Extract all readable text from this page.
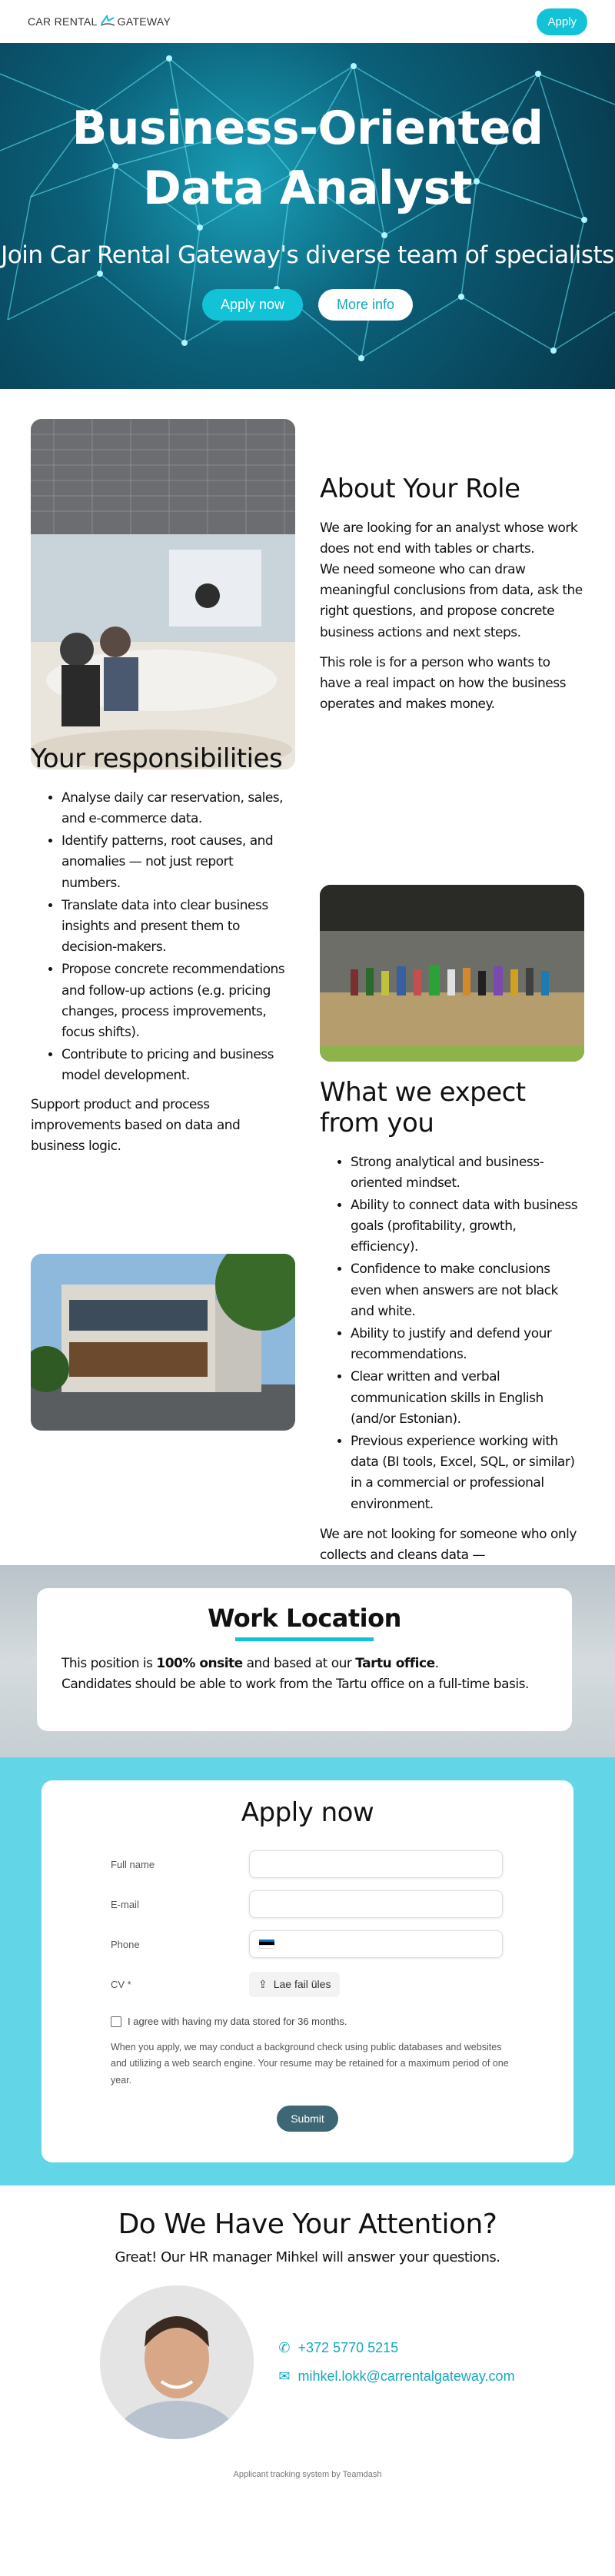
CAR RENTAL GATEWAY	Apply
Business-Oriented Data Analyst
Join Car Rental Gateway's diverse team of specialists
Apply now	More info
About Your Role

We are looking for an analyst whose work does not end with tables or charts.

We need someone who can draw meaningful conclusions from data, ask the right questions, and propose concrete business actions and next steps.

This role is for a person who wants to have a real impact on how the business operates and makes money.

Your responsibilities
• Analyse daily car reservation, sales, and e-commerce data.
• Identify patterns, root causes, and anomalies — not just report numbers.
• Translate data into clear business insights and present them to decision-makers.
• Propose concrete recommendations and follow-up actions (e.g. pricing changes, process improvements, focus shifts).
• Contribute to pricing and business model development.

Support product and process improvements based on data and business logic.

What we expect from you
• Strong analytical and business-oriented mindset.
• Ability to connect data with business goals (profitability, growth, efficiency).
• Confidence to make conclusions even when answers are not black and white.
• Ability to justify and defend your recommendations.
• Clear written and verbal communication skills in English (and/or Estonian).
• Previous experience working with data (BI tools, Excel, SQL, or similar) in a commercial or professional environment.

We are not looking for someone who only collects and cleans data —

Work Location

This position is 100% onsite and based at our Tartu office.

Candidates should be able to work from the Tartu office on a full-time basis.

Apply now
Full name
E-mail
Phone
CV *	⇪ Lae fail üles
I agree with having my data stored for 36 months.

When you apply, we may conduct a background check using public databases and websites and utilizing a web search engine. Your resume may be retained for a maximum period of one year.

Submit
Do We Have Your Attention?

Great! Our HR manager Mihkel will answer your questions.

✆ +372 5770 5215
✉ mihkel.lokk@carrentalgateway.com
Applicant tracking system by Teamdash
